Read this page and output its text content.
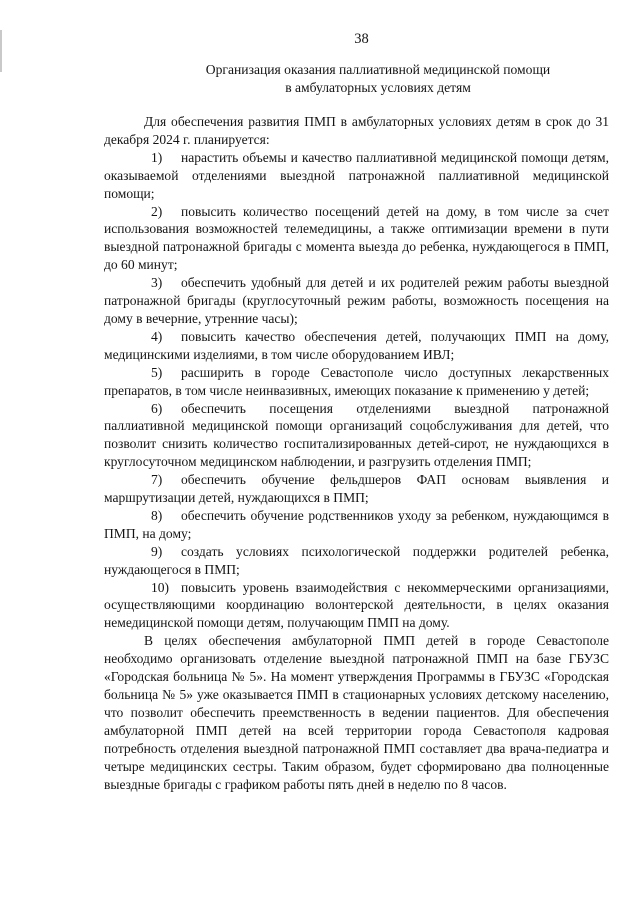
38
Организация оказания паллиативной медицинской помощи
в амбулаторных условиях детям

Для обеспечения развития ПМП в амбулаторных условиях детям в срок до 31 декабря 2024 г. планируется:

1) нарастить объемы и качество паллиативной медицинской помощи детям, оказываемой отделениями выездной патронажной паллиативной медицинской помощи;

2) повысить количество посещений детей на дому, в том числе за счет использования возможностей телемедицины, а также оптимизации времени в пути выездной патронажной бригады с момента выезда до ребенка, нуждающегося в ПМП, до 60 минут;

3) обеспечить удобный для детей и их родителей режим работы выездной патронажной бригады (круглосуточный режим работы, возможность посещения на дому в вечерние, утренние часы);

4) повысить качество обеспечения детей, получающих ПМП на дому, медицинскими изделиями, в том числе оборудованием ИВЛ;

5) расширить в городе Севастополе число доступных лекарственных препаратов, в том числе неинвазивных, имеющих показание к применению у детей;

6) обеспечить посещения отделениями выездной патронажной паллиативной медицинской помощи организаций соцобслуживания для детей, что позволит снизить количество госпитализированных детей-сирот, не нуждающихся в круглосуточном медицинском наблюдении, и разгрузить отделения ПМП;

7) обеспечить обучение фельдшеров ФАП основам выявления и маршрутизации детей, нуждающихся в ПМП;

8) обеспечить обучение родственников уходу за ребенком, нуждающимся в ПМП, на дому;

9) создать условиях психологической поддержки родителей ребенка, нуждающегося в ПМП;

10) повысить уровень взаимодействия с некоммерческими организациями, осуществляющими координацию волонтерской деятельности, в целях оказания немедицинской помощи детям, получающим ПМП на дому.

В целях обеспечения амбулаторной ПМП детей в городе Севастополе необходимо организовать отделение выездной патронажной ПМП на базе ГБУЗС «Городская больница № 5». На момент утверждения Программы в ГБУЗС «Городская больница № 5» уже оказывается ПМП в стационарных условиях детскому населению, что позволит обеспечить преемственность в ведении пациентов. Для обеспечения амбулаторной ПМП детей на всей территории города Севастополя кадровая потребность отделения выездной патронажной ПМП составляет два врача-педиатра и четыре медицинских сестры. Таким образом, будет сформировано два полноценные выездные бригады с графиком работы пять дней в неделю по 8 часов.
